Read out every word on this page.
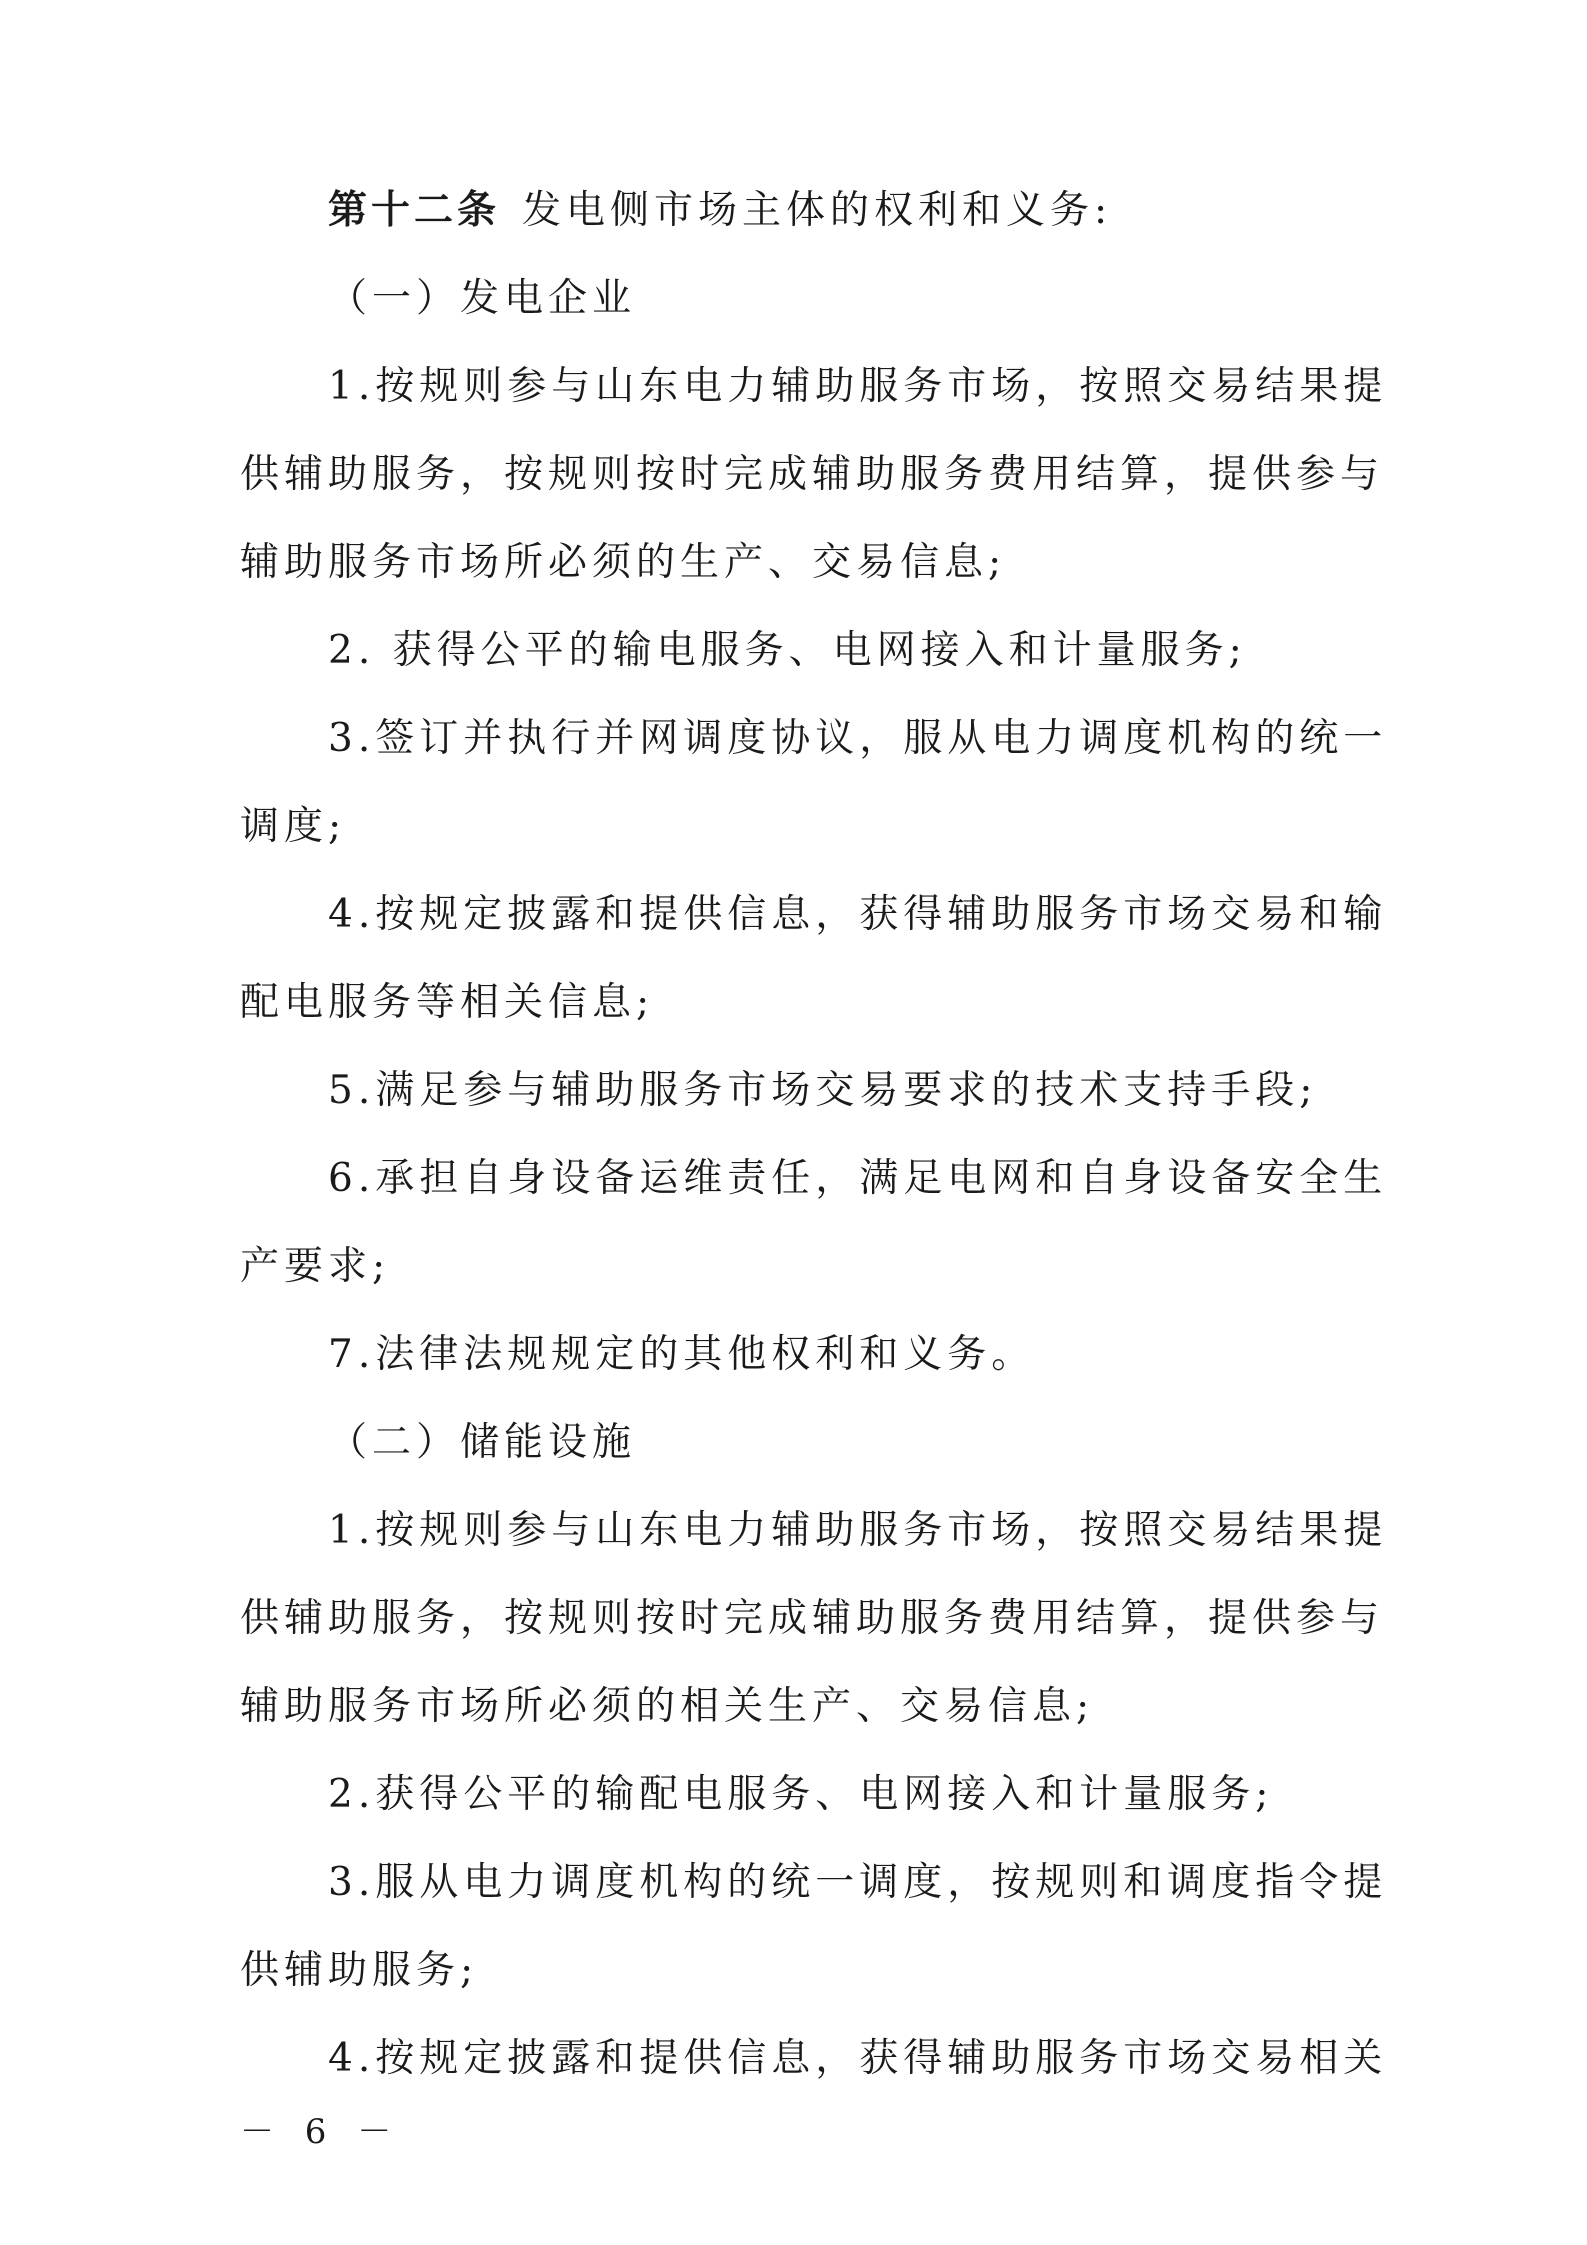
第十二条 发电侧市场主体的权利和义务:
（一）发电企业
1.按规则参与山东电力辅助服务市场，按照交易结果提
供辅助服务，按规则按时完成辅助服务费用结算，提供参与
辅助服务市场所必须的生产、交易信息;
2. 获得公平的输电服务、电网接入和计量服务;
3.签订并执行并网调度协议，服从电力调度机构的统一
调度;
4.按规定披露和提供信息，获得辅助服务市场交易和输
配电服务等相关信息;
5.满足参与辅助服务市场交易要求的技术支持手段;
6.承担自身设备运维责任，满足电网和自身设备安全生
产要求;
7.法律法规规定的其他权利和义务。
（二）储能设施
1.按规则参与山东电力辅助服务市场，按照交易结果提
供辅助服务，按规则按时完成辅助服务费用结算，提供参与
辅助服务市场所必须的相关生产、交易信息;
2.获得公平的输配电服务、电网接入和计量服务;
3.服从电力调度机构的统一调度，按规则和调度指令提
供辅助服务;
4.按规定披露和提供信息，获得辅助服务市场交易相关
－ 6 －
